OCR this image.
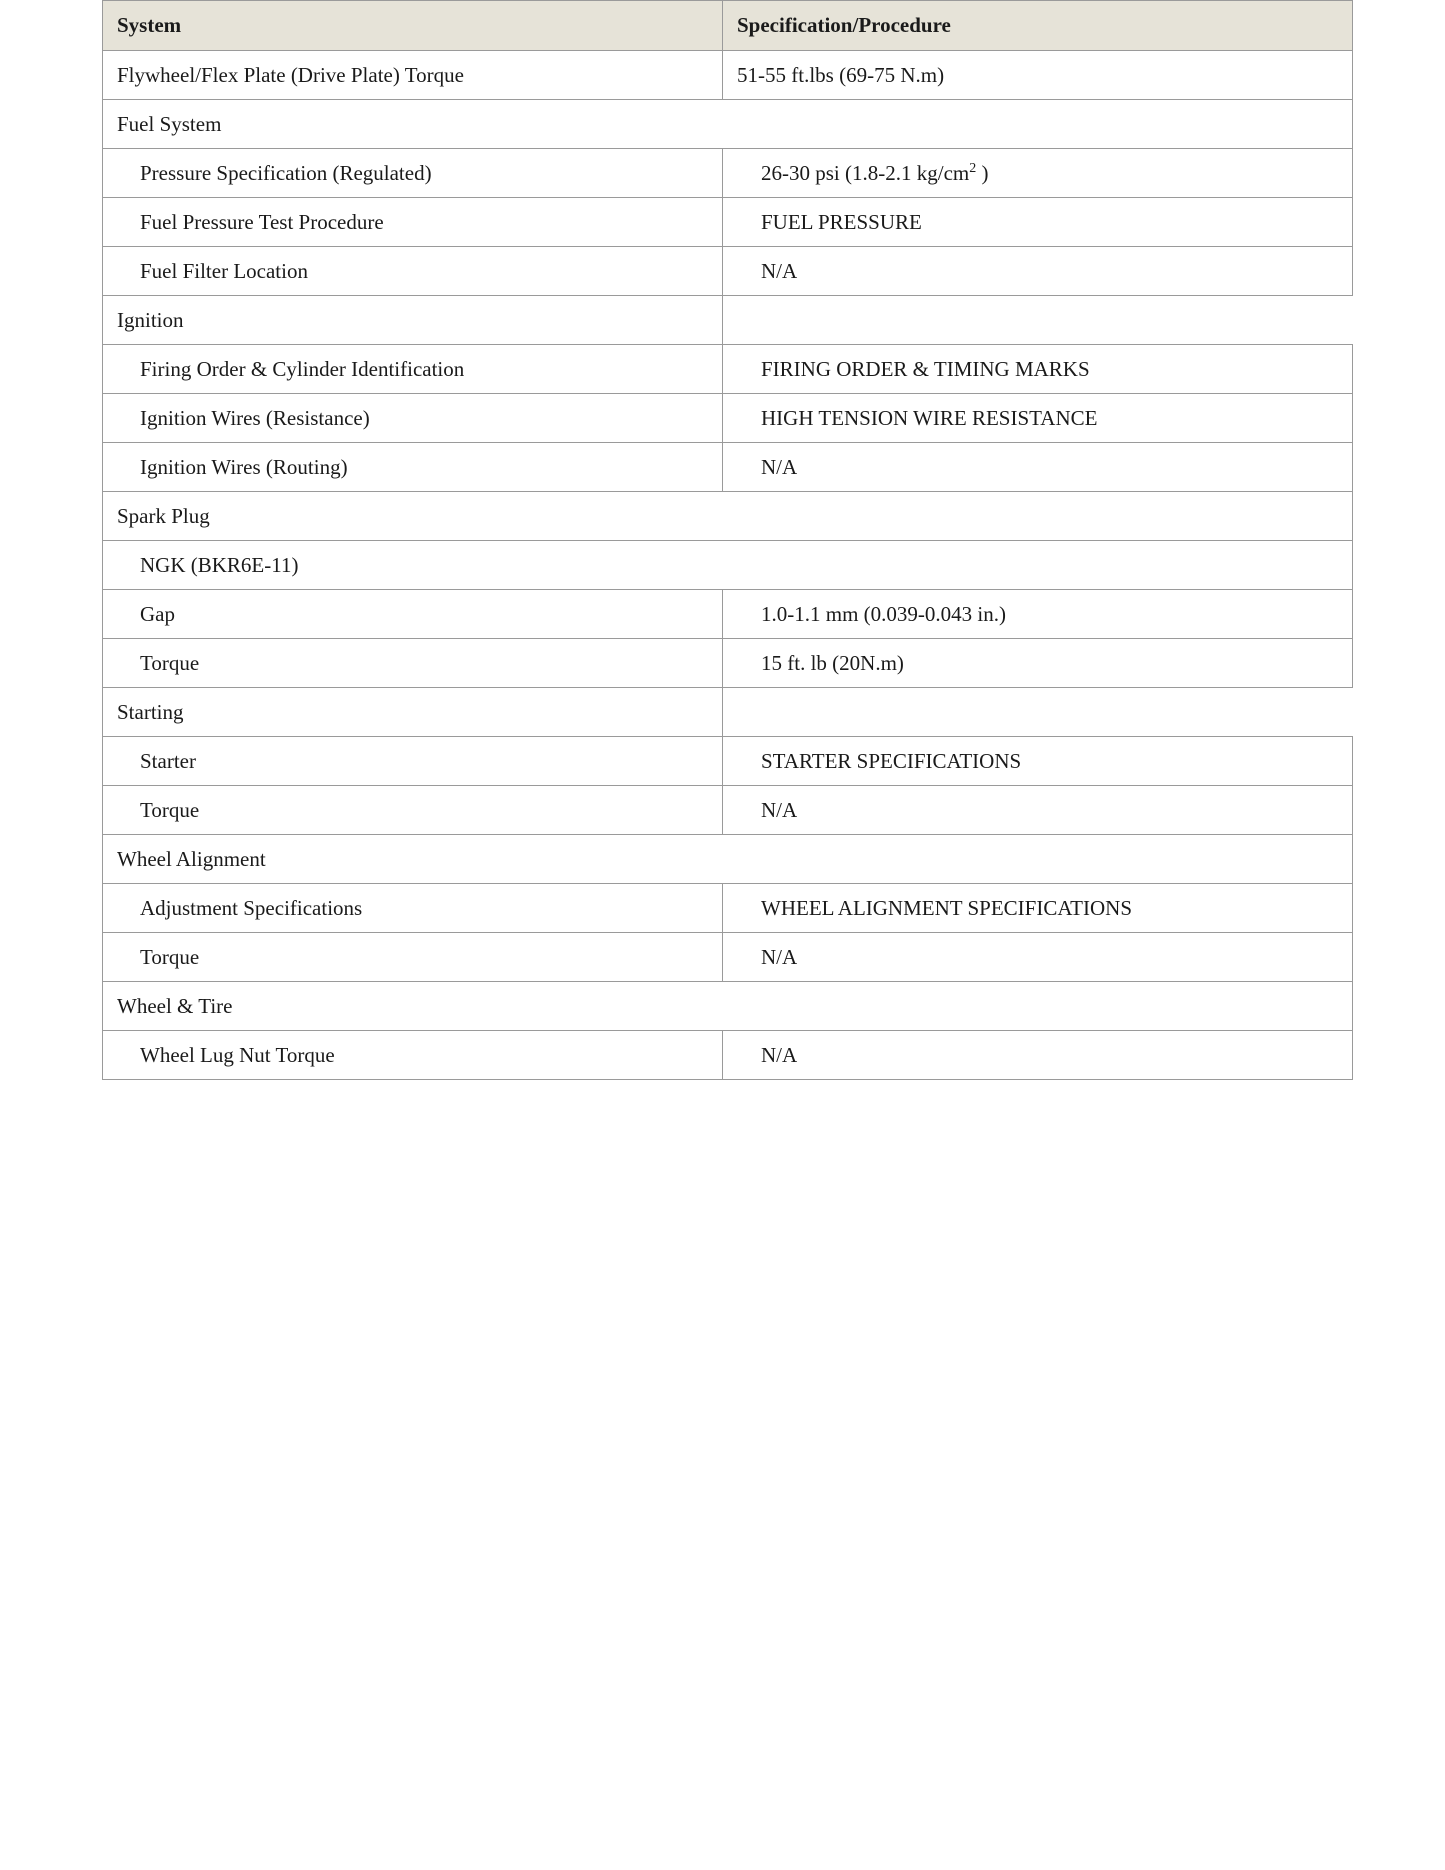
System	Specification/Procedure
Flywheel/Flex Plate (Drive Plate) Torque	51-55 ft.lbs (69-75 N.m)
Fuel System	
Pressure Specification (Regulated)	26-30 psi (1.8-2.1 $kg/cm^2$ )
Fuel Pressure Test Procedure	FUEL PRESSURE
Fuel Filter Location	N/A
Ignition	
Firing Order & Cylinder Identification	FIRING ORDER & TIMING MARKS
Ignition Wires (Resistance)	HIGH TENSION WIRE RESISTANCE
Ignition Wires (Routing)	N/A
Spark Plug	
NGK (BKR6E-11)	
Gap	1.0-1.1 mm (0.039-0.043 in.)
Torque	15 ft. lb (20N.m)
Starting	
Starter	STARTER SPECIFICATIONS
Torque	N/A
Wheel Alignment	
Adjustment Specifications	WHEEL ALIGNMENT SPECIFICATIONS
Torque	N/A
Wheel & Tire	
Wheel Lug Nut Torque	N/A
